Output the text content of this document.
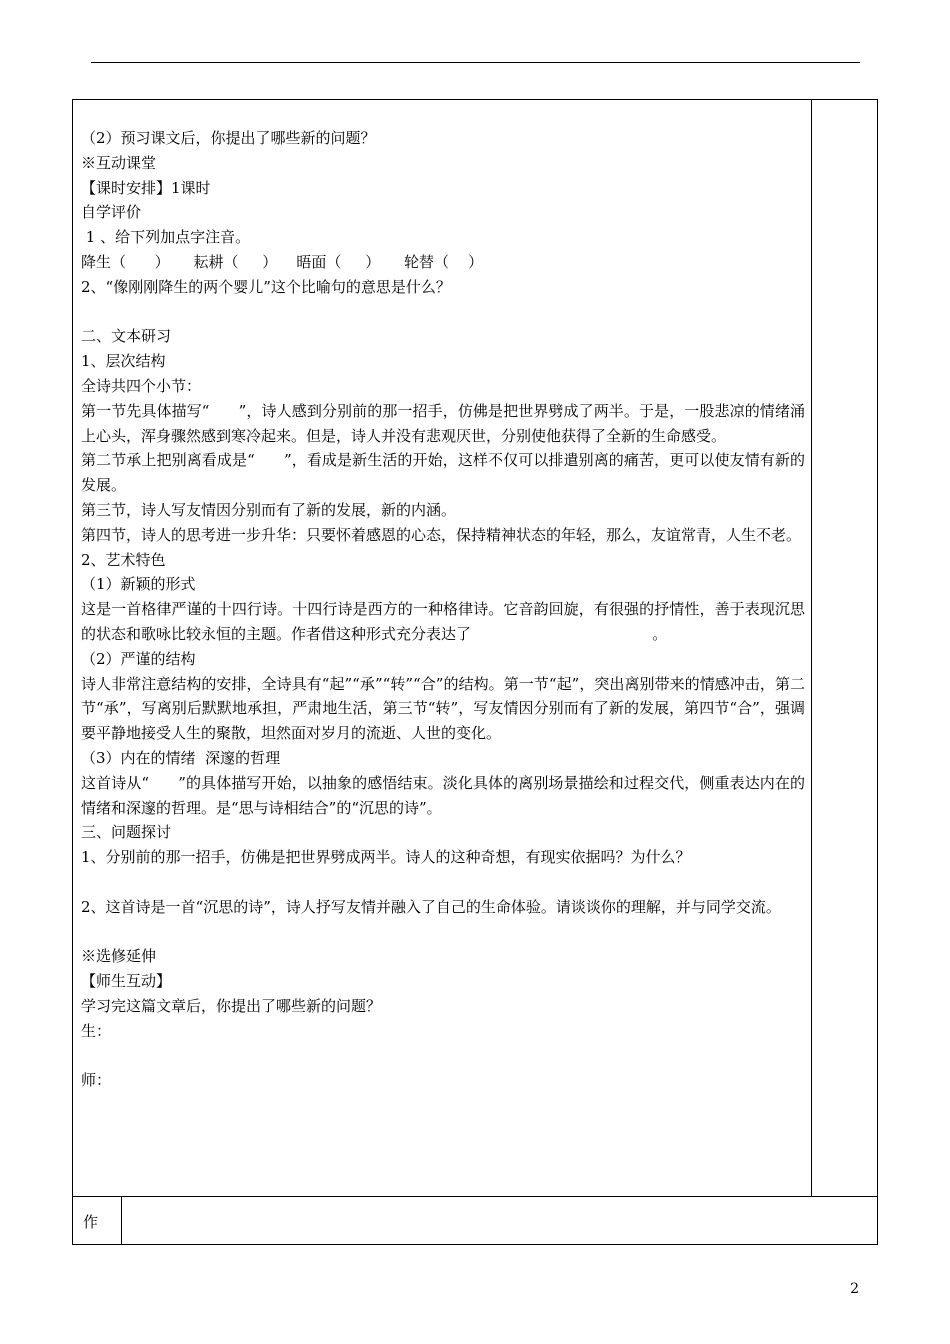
作

（2）预习课文后，你提出了哪些新的问题？

※互动课堂

【课时安排】1课时

自学评价

1 、给下列加点字注音。

降生（      ）     耘耕（     ）    晤面（     ）     轮替（    ）

2、“像刚刚降生的两个婴儿”这个比喻句的意思是什么？

二、文本研习

1、层次结构

全诗共四个小节：

第一节先具体描写“      ”，诗人感到分别前的那一招手，仿佛是把世界劈成了两半。于是，一股悲凉的情绪涌上心头，浑身骤然感到寒冷起来。但是，诗人并没有悲观厌世，分别使他获得了全新的生命感受。

第二节承上把别离看成是“      ”，看成是新生活的开始，这样不仅可以排遣别离的痛苦，更可以使友情有新的发展。

第三节，诗人写友情因分别而有了新的发展，新的内涵。

第四节，诗人的思考进一步升华：只要怀着感恩的心态，保持精神状态的年轻，那么，友谊常青，人生不老。

2、艺术特色

（1）新颖的形式

这是一首格律严谨的十四行诗。十四行诗是西方的一种格律诗。它音韵回旋，有很强的抒情性，善于表现沉思的状态和歌咏比较永恒的主题。作者借这种形式充分表达了                                      。

（2）严谨的结构

诗人非常注意结构的安排，全诗具有“起”“承”“转”“合”的结构。第一节“起”，突出离别带来的情感冲击，第二节“承”，写离别后默默地承担，严肃地生活，第三节“转”，写友情因分别而有了新的发展，第四节“合”，强调要平静地接受人生的聚散，坦然面对岁月的流逝、人世的变化。

（3）内在的情绪  深邃的哲理

这首诗从“      ”的具体描写开始，以抽象的感悟结束。淡化具体的离别场景描绘和过程交代，侧重表达内在的情绪和深邃的哲理。是“思与诗相结合”的“沉思的诗”。

三、问题探讨

1、分别前的那一招手，仿佛是把世界劈成两半。诗人的这种奇想，有现实依据吗？为什么？

2、这首诗是一首“沉思的诗”，诗人抒写友情并融入了自己的生命体验。请谈谈你的理解，并与同学交流。

※选修延伸

【师生互动】

学习完这篇文章后，你提出了哪些新的问题？

生：

师：

2
